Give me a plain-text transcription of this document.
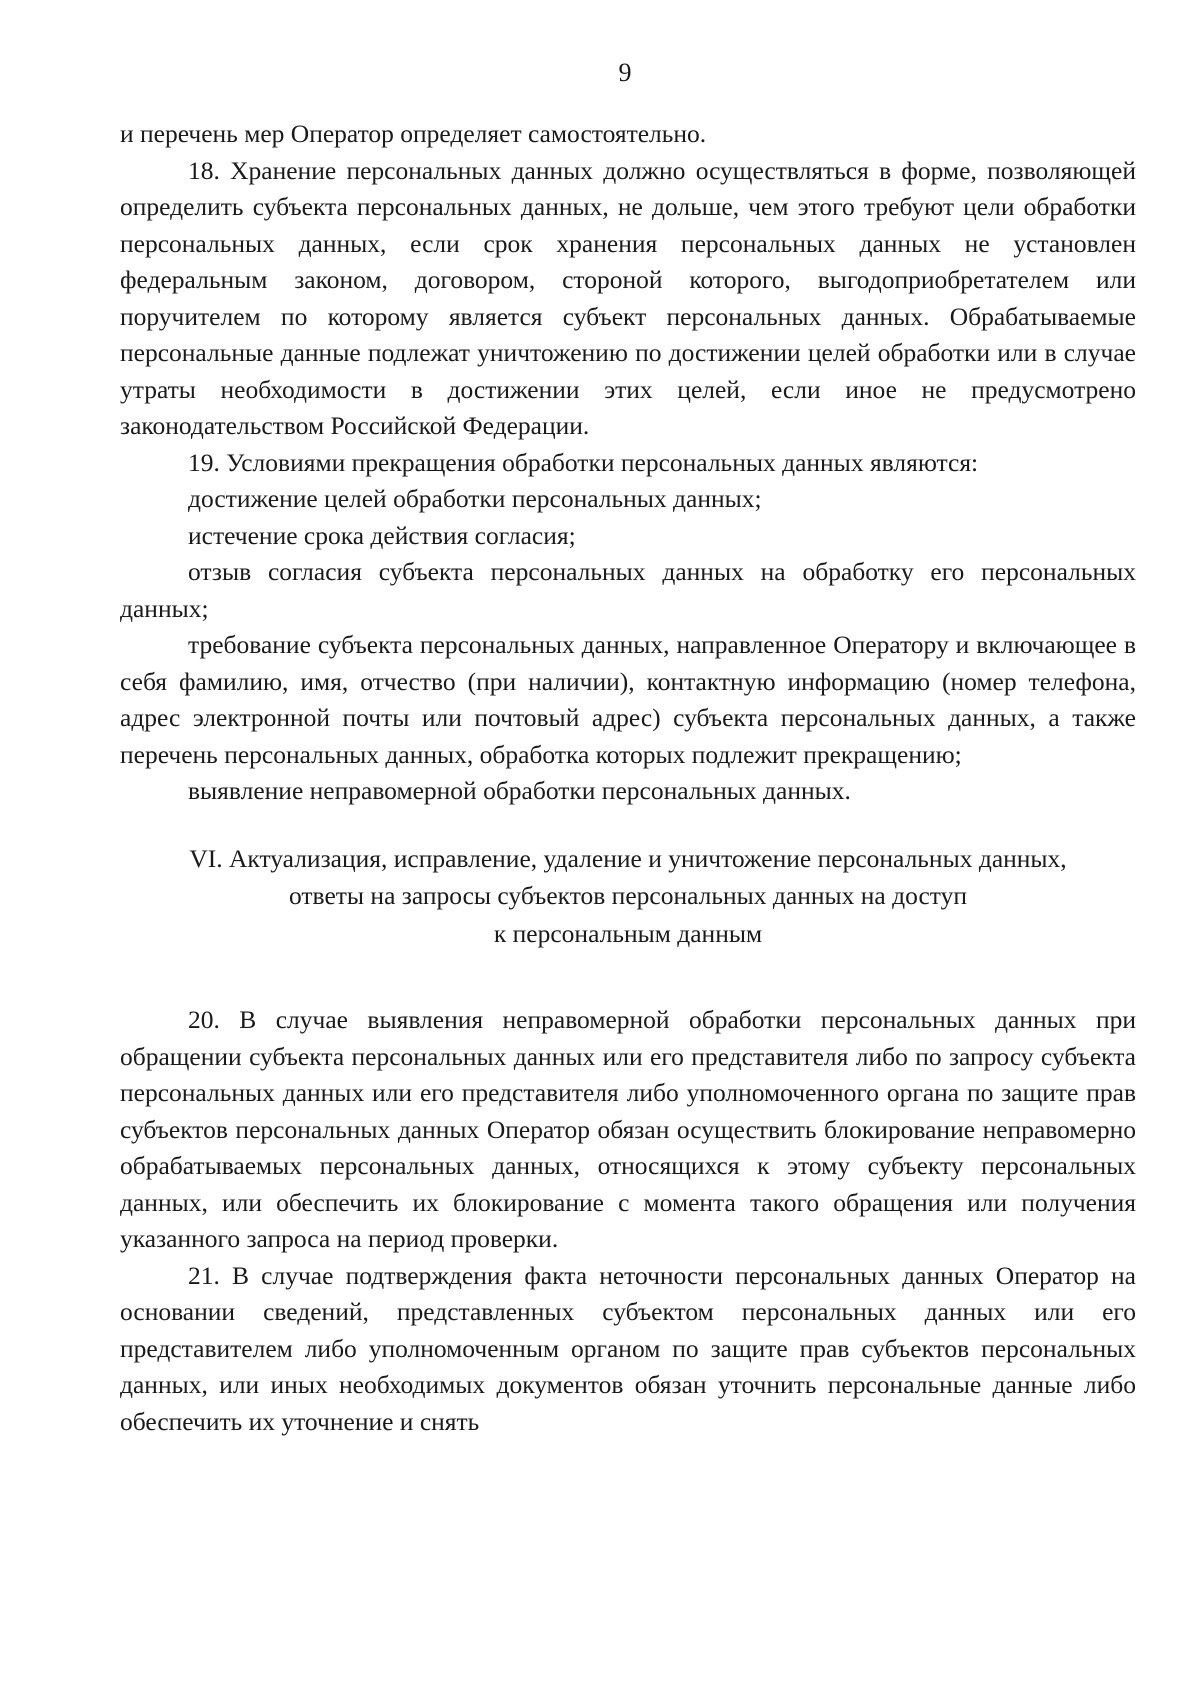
9

и перечень мер Оператор определяет самостоятельно.

18. Хранение персональных данных должно осуществляться в форме, позволяющей определить субъекта персональных данных, не дольше, чем этого требуют цели обработки персональных данных, если срок хранения персональных данных не установлен федеральным законом, договором, стороной которого, выгодоприобретателем или поручителем по которому является субъект персональных данных. Обрабатываемые персональные данные подлежат уничтожению по достижении целей обработки или в случае утраты необходимости в достижении этих целей, если иное не предусмотрено законодательством Российской Федерации.

19. Условиями прекращения обработки персональных данных являются:

достижение целей обработки персональных данных;

истечение срока действия согласия;

отзыв согласия субъекта персональных данных на обработку его персональных данных;

требование субъекта персональных данных, направленное Оператору и включающее в себя фамилию, имя, отчество (при наличии), контактную информацию (номер телефона, адрес электронной почты или почтовый адрес) субъекта персональных данных, а также перечень персональных данных, обработка которых подлежит прекращению;

выявление неправомерной обработки персональных данных.

VI. Актуализация, исправление, удаление и уничтожение персональных данных,
ответы на запросы субъектов персональных данных на доступ
к персональным данным

20. В случае выявления неправомерной обработки персональных данных при обращении субъекта персональных данных или его представителя либо по запросу субъекта персональных данных или его представителя либо уполномоченного органа по защите прав субъектов персональных данных Оператор обязан осуществить блокирование неправомерно обрабатываемых персональных данных, относящихся к этому субъекту персональных данных, или обеспечить их блокирование с момента такого обращения или получения указанного запроса на период проверки.

21. В случае подтверждения факта неточности персональных данных Оператор на основании сведений, представленных субъектом персональных данных или его представителем либо уполномоченным органом по защите прав субъектов персональных данных, или иных необходимых документов обязан уточнить персональные данные либо обеспечить их уточнение и снять
